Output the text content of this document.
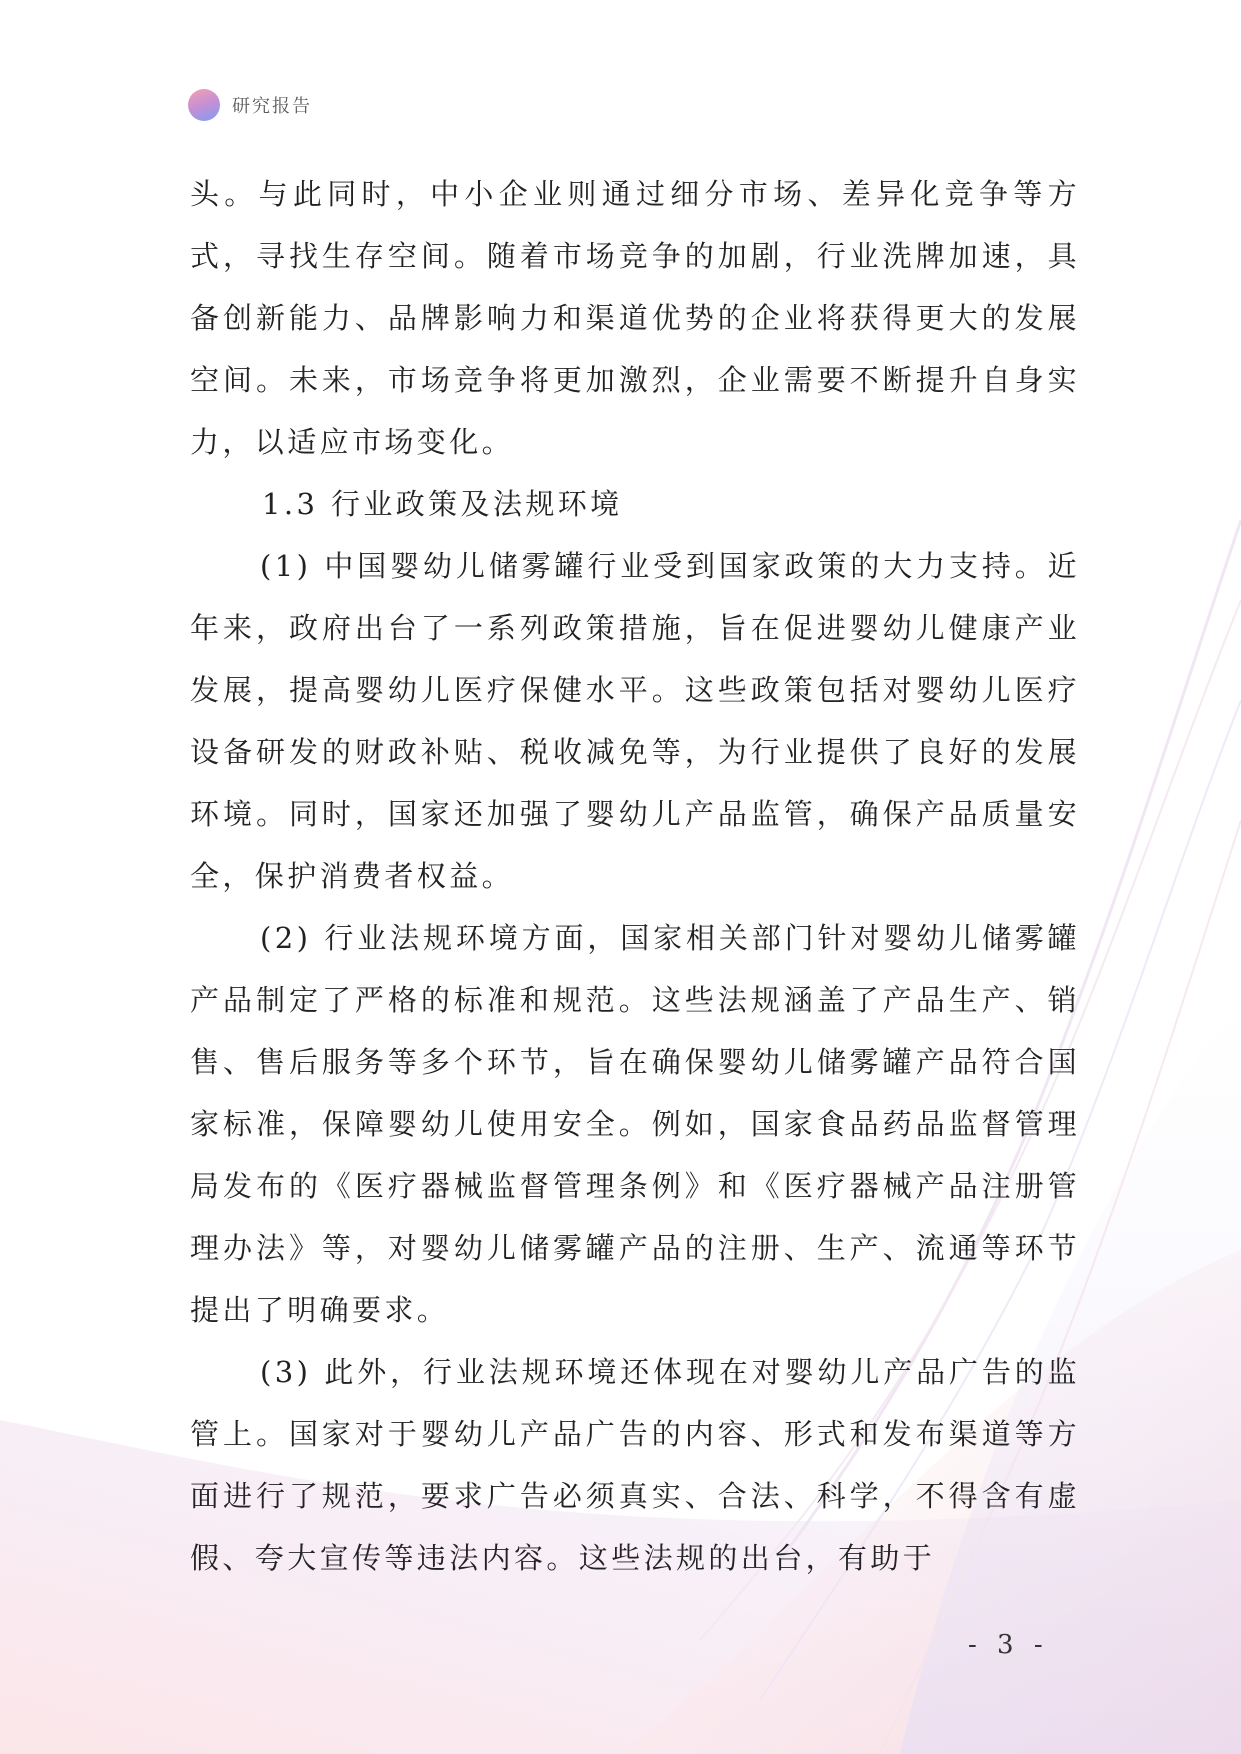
研究报告

头。与此同时，中小企业则通过细分市场、差异化竞争等方式，寻找生存空间。随着市场竞争的加剧，行业洗牌加速，具备创新能力、品牌影响力和渠道优势的企业将获得更大的发展空间。未来，市场竞争将更加激烈，企业需要不断提升自身实力，以适应市场变化。

1.3 行业政策及法规环境

(1) 中国婴幼儿储雾罐行业受到国家政策的大力支持。近年来，政府出台了一系列政策措施，旨在促进婴幼儿健康产业发展，提高婴幼儿医疗保健水平。这些政策包括对婴幼儿医疗设备研发的财政补贴、税收减免等，为行业提供了良好的发展环境。同时，国家还加强了婴幼儿产品监管，确保产品质量安全，保护消费者权益。

(2) 行业法规环境方面，国家相关部门针对婴幼儿储雾罐产品制定了严格的标准和规范。这些法规涵盖了产品生产、销售、售后服务等多个环节，旨在确保婴幼儿储雾罐产品符合国家标准，保障婴幼儿使用安全。例如，国家食品药品监督管理局发布的《医疗器械监督管理条例》和《医疗器械产品注册管理办法》等，对婴幼儿储雾罐产品的注册、生产、流通等环节提出了明确要求。

(3) 此外，行业法规环境还体现在对婴幼儿产品广告的监管上。国家对于婴幼儿产品广告的内容、形式和发布渠道等方面进行了规范，要求广告必须真实、合法、科学，不得含有虚假、夸大宣传等违法内容。这些法规的出台，有助于

- 3 -
